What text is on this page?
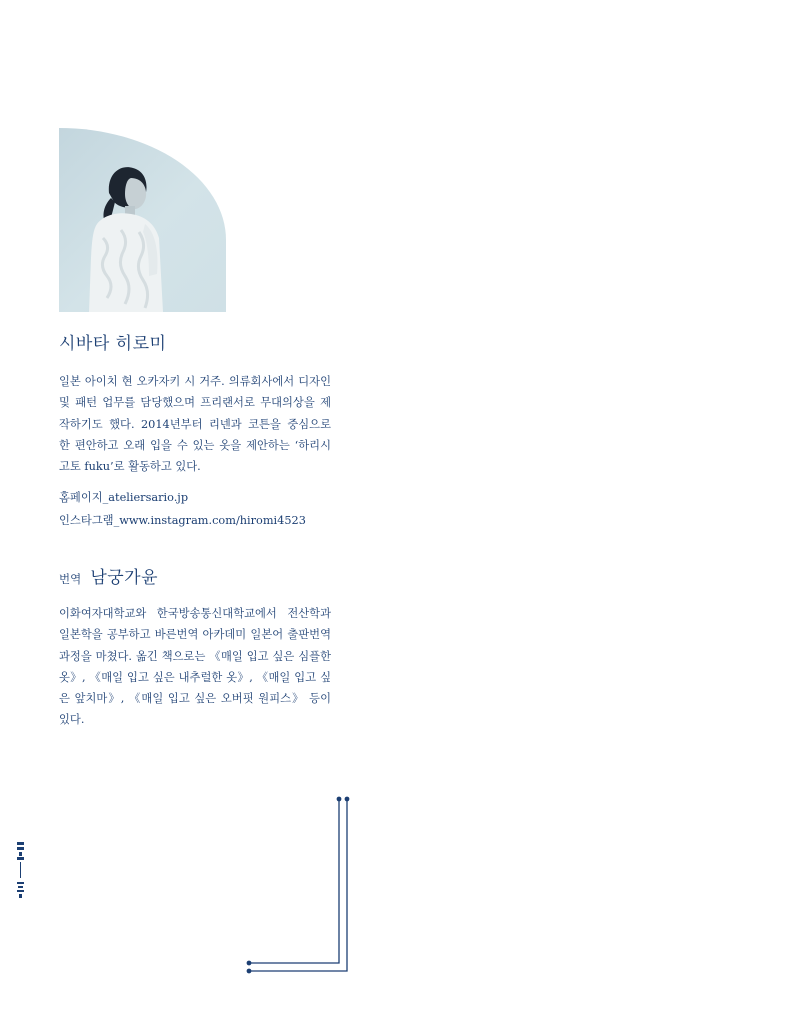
시바타 히로미

일본 아이치 현 오카자키 시 거주. 의류회사에서 디자인 및 패턴 업무를 담당했으며 프리랜서로 무대의상을 제작하기도 했다. 2014년부터 리넨과 코튼을 중심으로 한 편안하고 오래 입을 수 있는 옷을 제안하는 ‘하리시고토 fuku’로 활동하고 있다.

홈페이지_ateliersario.jp
인스타그램_www.instagram.com/hiromi4523
번역 남궁가윤

이화여자대학교와 한국방송통신대학교에서 전산학과 일본학을 공부하고 바른번역 아카데미 일본어 출판번역 과정을 마쳤다. 옮긴 책으로는 《매일 입고 싶은 심플한 옷》, 《매일 입고 싶은 내추럴한 옷》, 《매일 입고 싶은 앞치마》, 《매일 입고 싶은 오버핏 원피스》 등이 있다.
